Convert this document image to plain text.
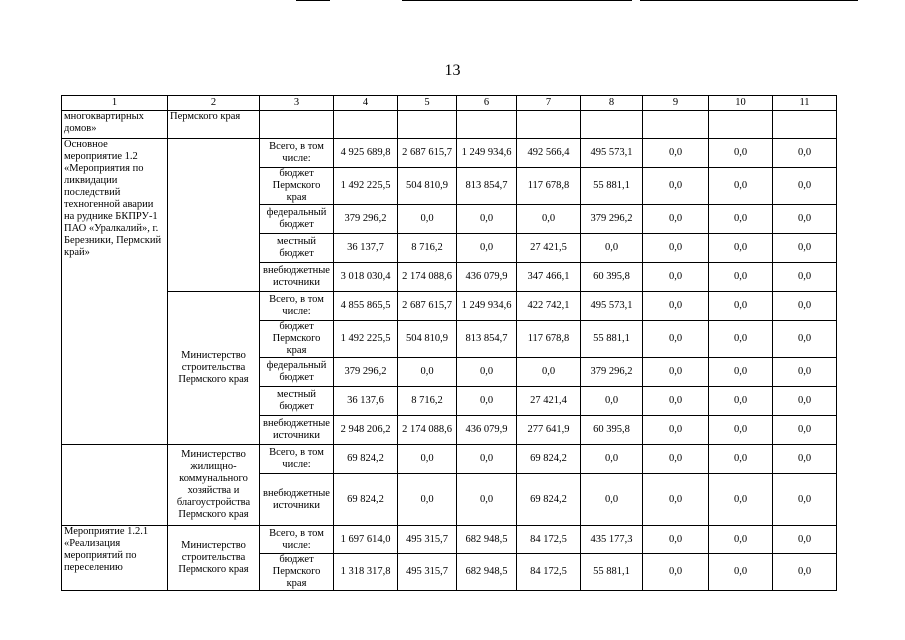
13
1	2	3	4	5	6	7	8	9	10	11
многоквартирных домов»	Пермского края									
Основное мероприятие 1.2 «Мероприятия по ликвидации последствий техногенной аварии на руднике БКПРУ-1 ПАО «Уралкалий», г. Березники, Пермский край»		Всего, в том числе:	4 925 689,8	2 687 615,7	1 249 934,6	492 566,4	495 573,1	0,0	0,0	0,0
		бюджет Пермского края	1 492 225,5	504 810,9	813 854,7	117 678,8	55 881,1	0,0	0,0	0,0
		федеральный бюджет	379 296,2	0,0	0,0	0,0	379 296,2	0,0	0,0	0,0
		местный бюджет	36 137,7	8 716,2	0,0	27 421,5	0,0	0,0	0,0	0,0
		внебюджетные источники	3 018 030,4	2 174 088,6	436 079,9	347 466,1	60 395,8	0,0	0,0	0,0
	Министерство строительства Пермского края	Всего, в том числе:	4 855 865,5	2 687 615,7	1 249 934,6	422 742,1	495 573,1	0,0	0,0	0,0
		бюджет Пермского края	1 492 225,5	504 810,9	813 854,7	117 678,8	55 881,1	0,0	0,0	0,0
		федеральный бюджет	379 296,2	0,0	0,0	0,0	379 296,2	0,0	0,0	0,0
		местный бюджет	36 137,6	8 716,2	0,0	27 421,4	0,0	0,0	0,0	0,0
		внебюджетные источники	2 948 206,2	2 174 088,6	436 079,9	277 641,9	60 395,8	0,0	0,0	0,0
	Министерство жилищно-коммунального хозяйства и благоустройства Пермского края	Всего, в том числе:	69 824,2	0,0	0,0	69 824,2	0,0	0,0	0,0	0,0
		внебюджетные источники	69 824,2	0,0	0,0	69 824,2	0,0	0,0	0,0	0,0
Мероприятие 1.2.1 «Реализация мероприятий по переселению	Министерство строительства Пермского края	Всего, в том числе:	1 697 614,0	495 315,7	682 948,5	84 172,5	435 177,3	0,0	0,0	0,0
		бюджет Пермского края	1 318 317,8	495 315,7	682 948,5	84 172,5	55 881,1	0,0	0,0	0,0
